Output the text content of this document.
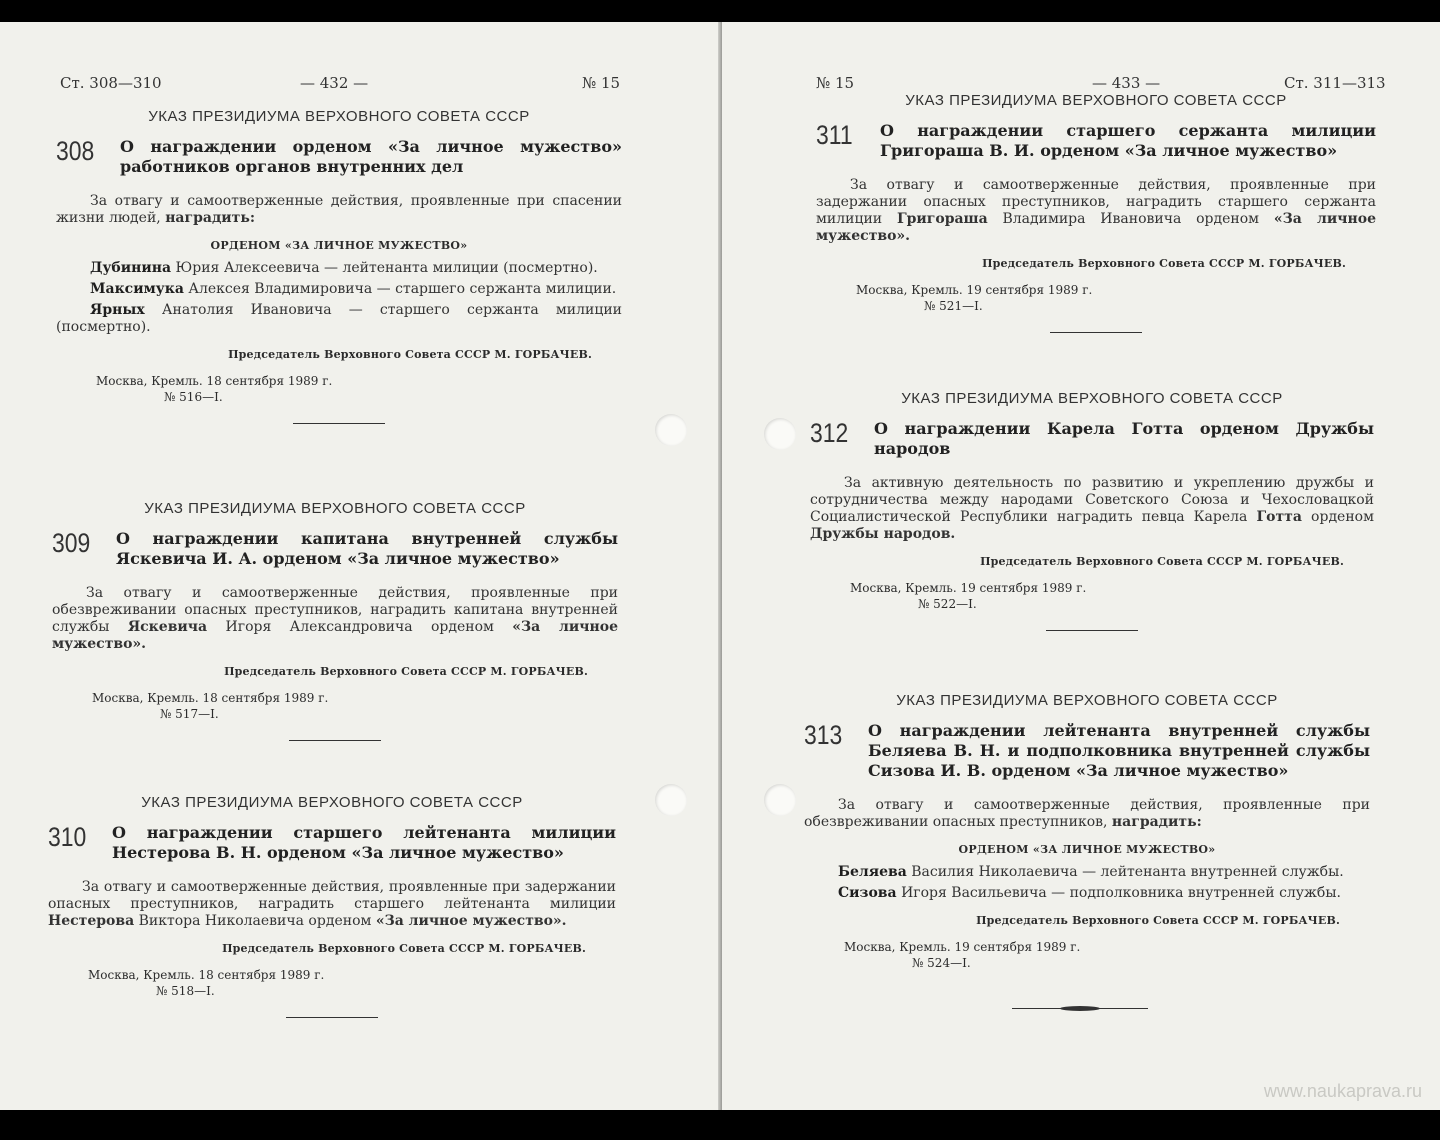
Ст. 308—310	— 432 —	№ 15
УКАЗ ПРЕЗИДИУМА ВЕРХОВНОГО СОВЕТА СССР
308	О награждении орденом «За личное мужество» работников органов внутренних дел

За отвагу и самоотверженные действия, проявленные при спасении жизни людей, наградить:

ОРДЕНОМ «ЗА ЛИЧНОЕ МУЖЕСТВО»

Дубинина Юрия Алексеевича — лейтенанта милиции (посмертно).

Максимука Алексея Владимировича — старшего сержанта милиции.

Ярных Анатолия Ивановича — старшего сержанта милиции (посмертно).

Председатель Верховного Совета СССР М. ГОРБАЧЕВ.
Москва, Кремль. 18 сентября 1989 г.
№ 516—I.
УКАЗ ПРЕЗИДИУМА ВЕРХОВНОГО СОВЕТА СССР
309	О награждении капитана внутренней службы Яскевича И. А. орденом «За личное мужество»

За отвагу и самоотверженные действия, проявленные при обезвреживании опасных преступников, наградить капитана внутренней службы Яскевича Игоря Александровича орденом «За личное мужество».

Председатель Верховного Совета СССР М. ГОРБАЧЕВ.
Москва, Кремль. 18 сентября 1989 г.
№ 517—I.
УКАЗ ПРЕЗИДИУМА ВЕРХОВНОГО СОВЕТА СССР
310	О награждении старшего лейтенанта милиции Нестерова В. Н. орденом «За личное мужество»

За отвагу и самоотверженные действия, проявленные при задержании опасных преступников, наградить старшего лейтенанта милиции Нестерова Виктора Николаевича орденом «За личное мужество».

Председатель Верховного Совета СССР М. ГОРБАЧЕВ.
Москва, Кремль. 18 сентября 1989 г.
№ 518—I.
№ 15	— 433 —	Ст. 311—313
УКАЗ ПРЕЗИДИУМА ВЕРХОВНОГО СОВЕТА СССР
311	О награждении старшего сержанта милиции Григораша В. И. орденом «За личное мужество»

За отвагу и самоотверженные действия, проявленные при задержании опасных преступников, наградить старшего сержанта милиции Григораша Владимира Ивановича орденом «За личное мужество».

Председатель Верховного Совета СССР М. ГОРБАЧЕВ.
Москва, Кремль. 19 сентября 1989 г.
№ 521—I.
УКАЗ ПРЕЗИДИУМА ВЕРХОВНОГО СОВЕТА СССР
312	О награждении Карела Готта орденом Дружбы народов

За активную деятельность по развитию и укреплению дружбы и сотрудничества между народами Советского Союза и Чехословацкой Социалистической Республики наградить певца Карела Готта орденом Дружбы народов.

Председатель Верховного Совета СССР М. ГОРБАЧЕВ.
Москва, Кремль. 19 сентября 1989 г.
№ 522—I.
УКАЗ ПРЕЗИДИУМА ВЕРХОВНОГО СОВЕТА СССР
313	О награждении лейтенанта внутренней службы Беляева В. Н. и подполковника внутренней службы Сизова И. В. орденом «За личное мужество»

За отвагу и самоотверженные действия, проявленные при обезвреживании опасных преступников, наградить:

ОРДЕНОМ «ЗА ЛИЧНОЕ МУЖЕСТВО»

Беляева Василия Николаевича — лейтенанта внутренней службы.

Сизова Игоря Васильевича — подполковника внутренней службы.

Председатель Верховного Совета СССР М. ГОРБАЧЕВ.
Москва, Кремль. 19 сентября 1989 г.
№ 524—I.
www.naukaprava.ru
